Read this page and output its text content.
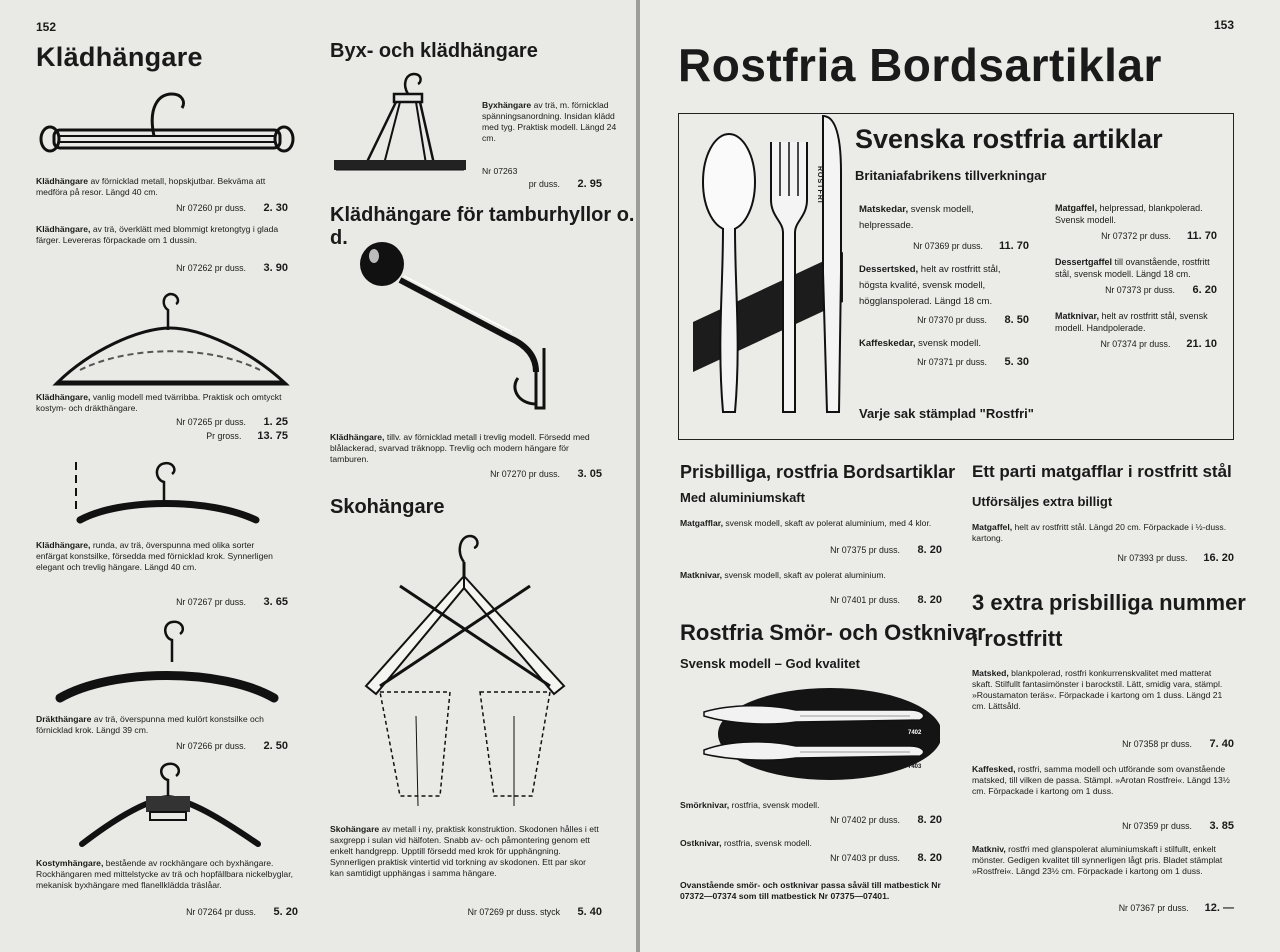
152
Klädhängare
Klädhängare av förnicklad metall, hopskjutbar. Bekväma att medföra på resor. Längd 40 cm.
Nr 07260 pr duss. 2. 30
Klädhängare, av trä, överklätt med blommigt kretongtyg i glada färger. Levereras förpackade om 1 dussin.
Nr 07262 pr duss. 3. 90
Klädhängare, vanlig modell med tvärribba. Praktisk och omtyckt kostym- och dräkthängare.
Nr 07265 pr duss. 1. 25
Pr gross. 13. 75
Klädhängare, runda, av trä, överspunna med olika sorter enfärgat konstsilke, försedda med förnicklad krok. Synnerligen elegant och trevlig hängare. Längd 40 cm.
Nr 07267 pr duss. 3. 65
Dräkthängare av trä, överspunna med kulört konstsilke och förnicklad krok. Längd 39 cm.
Nr 07266 pr duss. 2. 50
Kostymhängare, bestående av rockhängare och byxhängare. Rockhängaren med mittelstycke av trä och hopfällbara nickelbyglar, mekanisk byxhängare med flanellklädda träslåar.
Nr 07264 pr duss. 5. 20
Byx- och klädhängare
Byxhängare av trä, m. förnicklad spänningsanordning. Insidan klädd med tyg. Praktisk modell. Längd 24 cm.
Nr 07263
pr duss. 2. 95
Klädhängare för tamburhyllor o. d.
Klädhängare, tillv. av förnicklad metall i trevlig modell. Försedd med blålackerad, svarvad träknopp. Trevlig och modern hängare för tamburen.
Nr 07270 pr duss. 3. 05
Skohängare
Skohängare av metall i ny, praktisk konstruktion. Skodonen hålles i ett saxgrepp i sulan vid hälfoten. Snabb av- och påmontering genom ett enkelt handgrepp. Upptill försedd med krok för upphängning. Synnerligen praktisk vintertid vid torkning av skodonen. Ett par skor kan samtidigt upphängas i samma hängare.
Nr 07269 pr duss. styck 5. 40
153
Rostfria Bordsartiklar
ROSTFRI
Svenska rostfria artiklar
Britaniafabrikens tillverkningar
Matskedar, svensk modell, helpressade.
Nr 07369 pr duss. 11. 70
Dessertsked, helt av rostfritt stål, högsta kvalité, svensk modell, högglanspolerad. Längd 18 cm.
Nr 07370 pr duss. 8. 50
Kaffeskedar, svensk modell.
Nr 07371 pr duss. 5. 30
Matgaffel, helpressad, blankpolerad. Svensk modell.
Nr 07372 pr duss. 11. 70
Dessertgaffel till ovanstående, rostfritt stål, svensk modell. Längd 18 cm.
Nr 07373 pr duss. 6. 20
Matknivar, helt av rostfritt stål, svensk modell. Handpolerade.
Nr 07374 pr duss. 21. 10
Varje sak stämplad "Rostfri"
Prisbilliga, rostfria Bordsartiklar
Med aluminiumskaft
Matgafflar, svensk modell, skaft av polerat aluminium, med 4 klor.
Nr 07375 pr duss. 8. 20
Matknivar, svensk modell, skaft av polerat aluminium.
Nr 07401 pr duss. 8. 20
Rostfria Smör- och Ostknivar
Svensk modell – God kvalitet
7402
7403
Smörknivar, rostfria, svensk modell.
Nr 07402 pr duss. 8. 20
Ostknivar, rostfria, svensk modell.
Nr 07403 pr duss. 8. 20
Ovanstående smör- och ostknivar passa såväl till matbestick Nr 07372—07374 som till matbestick Nr 07375—07401.
Ett parti matgafflar i rostfritt stål
Utförsäljes extra billigt
Matgaffel, helt av rostfritt stål. Längd 20 cm. Förpackade i ½-duss. kartong.
Nr 07393 pr duss. 16. 20
3 extra prisbilliga nummer
i rostfritt
Matsked, blankpolerad, rostfri konkurrenskvalitet med matterat skaft. Stilfullt fantasimönster i barockstil. Lätt, smidig vara, stämpl. »Roustamaton teräs«. Förpackade i kartong om 1 duss. Längd 21 cm. Lättsåld.
Nr 07358 pr duss. 7. 40
Kaffesked, rostfri, samma modell och utförande som ovanstående matsked, till vilken de passa. Stämpl. »Arotan Rostfrei«. Längd 13½ cm. Förpackade i kartong om 1 duss.
Nr 07359 pr duss. 3. 85
Matkniv, rostfri med glanspolerat aluminiumskaft i stilfullt, enkelt mönster. Gedigen kvalitet till synnerligen lågt pris. Bladet stämplat »Rostfrei«. Längd 23½ cm. Förpackade i kartong om 1 duss.
Nr 07367 pr duss. 12. —
